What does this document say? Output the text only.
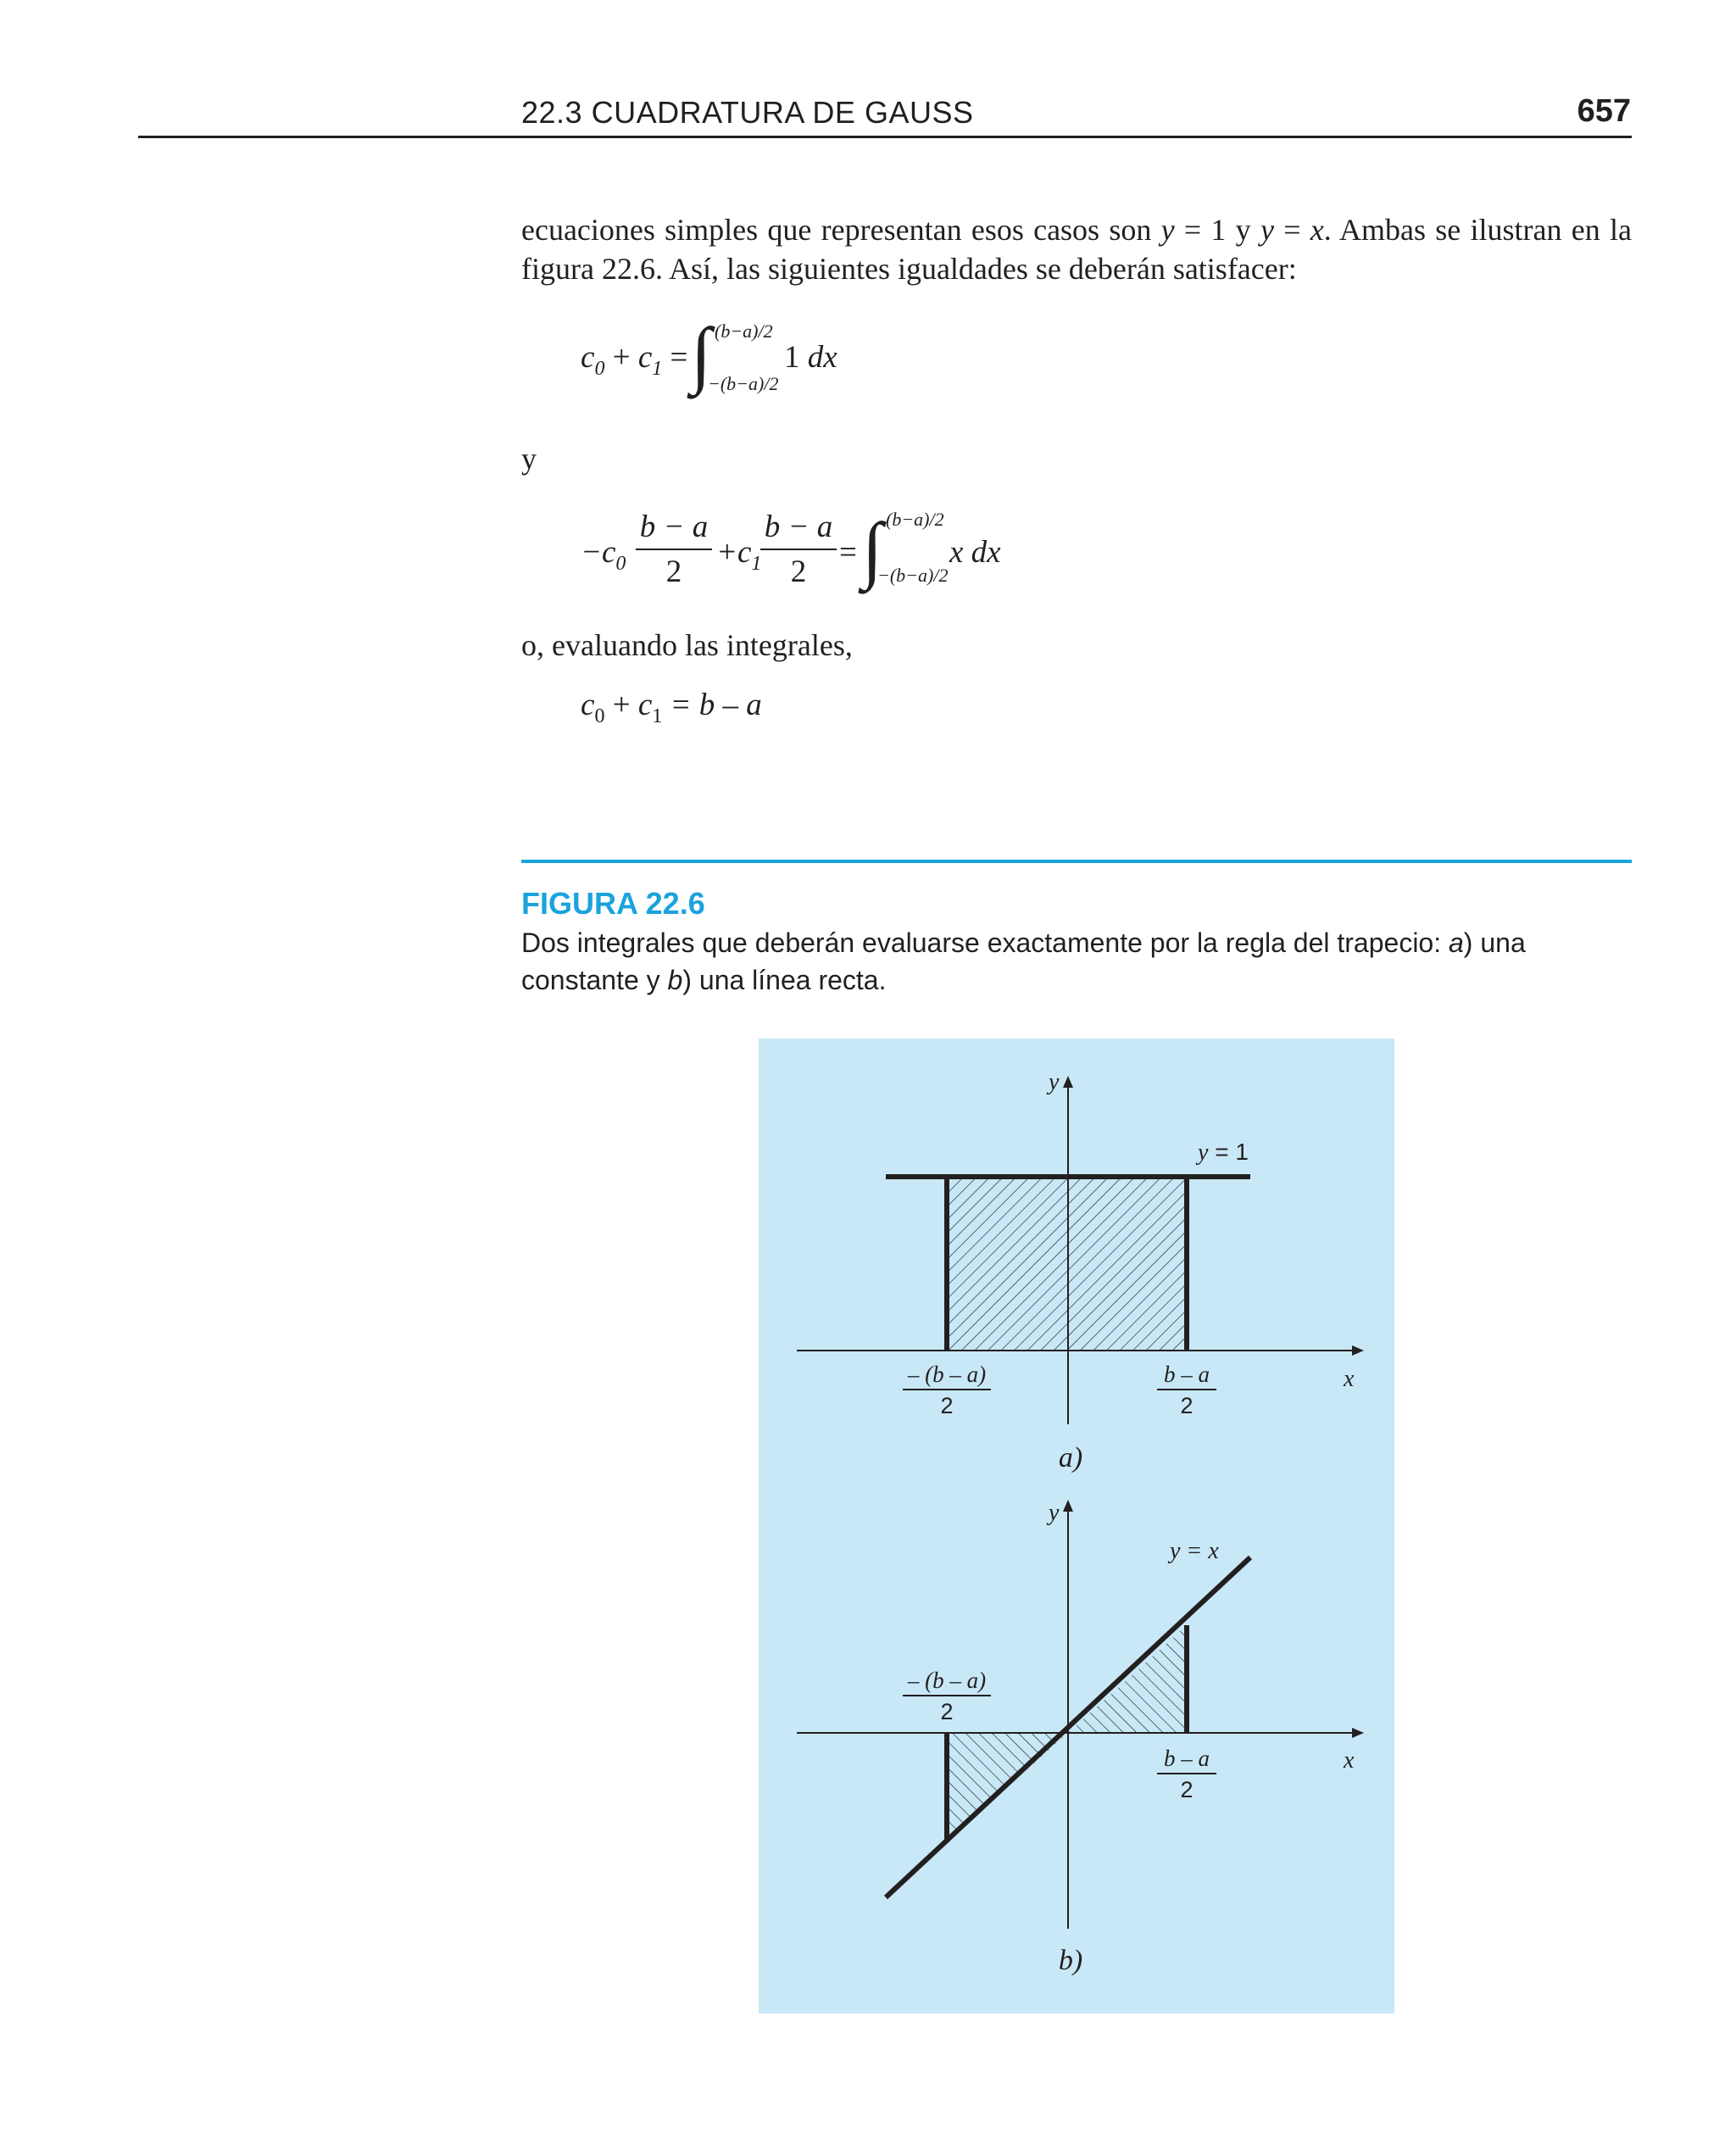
22.3 CUADRATURA DE GAUSS	657
ecuaciones simples que representan esos casos son y = 1 y y = x. Ambas se ilustran en la figura 22.6. Así, las siguientes igualdades se deberán satisfacer:
$c_0 + c_1$ = ∫ (b−a)/2
−(b−a)/2
1 dx
y
$-c_0$
b − a
2
$+c_1$
b − a
2
= ∫ (b−a)/2
−(b−a)/2
x dx
o, evaluando las integrales,
$c_0 + c_1 = b - a$
FIGURA 22.6
Dos integrales que deberán evaluarse exactamente por la regla del trapecio: a) una constante y b) una línea recta.
y
x
y = 1
– (b – a)
2
b – a
2
a)
y
x
y = x
– (b – a)
2
b – a
2
b)
